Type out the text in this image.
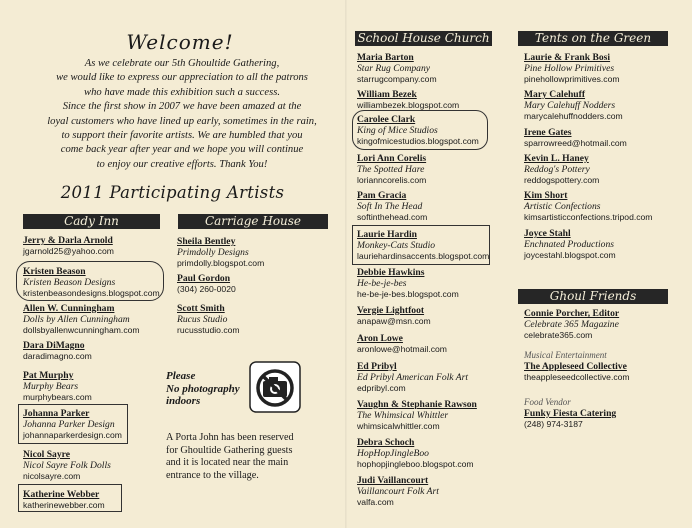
Welcome!
As we celebrate our 5th Ghoultide Gathering,
we would like to express our appreciation to all the patrons
who have made this exhibition such a success.
Since the first show in 2007 we have been amazed at the
loyal customers who have lined up early, sometimes in the rain,
to support their favorite artists. We are humbled that you
come back year after year and we hope you will continue
to enjoy our creative efforts. Thank You!
2011 Participating Artists
Cady Inn	Carriage House
School House Church	Tents on the Green
Ghoul Friends
Jerry & Darla Arnold
jgarnold25@yahoo.com
Kristen Beason
Kristen Beason Designs
kristenbeasondesigns.blogspot.com
Allen W. Cunningham
Dolls by Allen Cunningham
dollsbyallenwcunningham.com
Dara DiMagno
daradimagno.com
Pat Murphy
Murphy Bears
murphybears.com
Johanna Parker
Johanna Parker Design
johannaparkerdesign.com
Nicol Sayre
Nicol Sayre Folk Dolls
nicolsayre.com
Katherine Webber
katherinewebber.com
Sheila Bentley
Primdolly Designs
primdolly.blogspot.com
Paul Gordon
(304) 260-0020
Scott Smith
Rucus Studio
rucusstudio.com
Please
No photography
indoors
A Porta John has been reserved
for Ghoultide Gathering guests
and it is located near the main
entrance to the village.
Maria Barton
Star Rug Company
starrugcompany.com
William Bezek
williambezek.blogspot.com
Carolee Clark
King of Mice Studios
kingofmicestudios.blogspot.com
Lori Ann Corelis
The Spotted Hare
lorianncorelis.com
Pam Gracia
Soft In The Head
softinthehead.com
Laurie Hardin
Monkey-Cats Studio
lauriehardinsaccents.blogspot.com
Debbie Hawkins
He-be-je-bes
he-be-je-bes.blogspot.com
Vergie Lightfoot
anapaw@msn.com
Aron Lowe
aronlowe@hotmail.com
Ed Pribyl
Ed Pribyl American Folk Art
edpribyl.com
Vaughn & Stephanie Rawson
The Whimsical Whittler
whimsicalwhittler.com
Debra Schoch
HopHopJingleBoo
hophopjingleboo.blogspot.com
Judi Vaillancourt
Vaillancourt Folk Art
valfa.com
Laurie & Frank Bosi
Pine Hollow Primitives
pinehollowprimitives.com
Mary Calehuff
Mary Calehuff Nodders
marycalehuffnodders.com
Irene Gates
sparrowreed@hotmail.com
Kevin L. Haney
Reddog's Pottery
reddogspottery.com
Kim Short
Artistic Confections
kimsartisticconfections.tripod.com
Joyce Stahl
Enchnated Productions
joycestahl.blogspot.com
Connie Porcher, Editor
Celebrate 365 Magazine
celebrate365.com
Musical Entertainment
The Appleseed Collective
theappleseedcollective.com
Food Vendor
Funky Fiesta Catering
(248) 974-3187
